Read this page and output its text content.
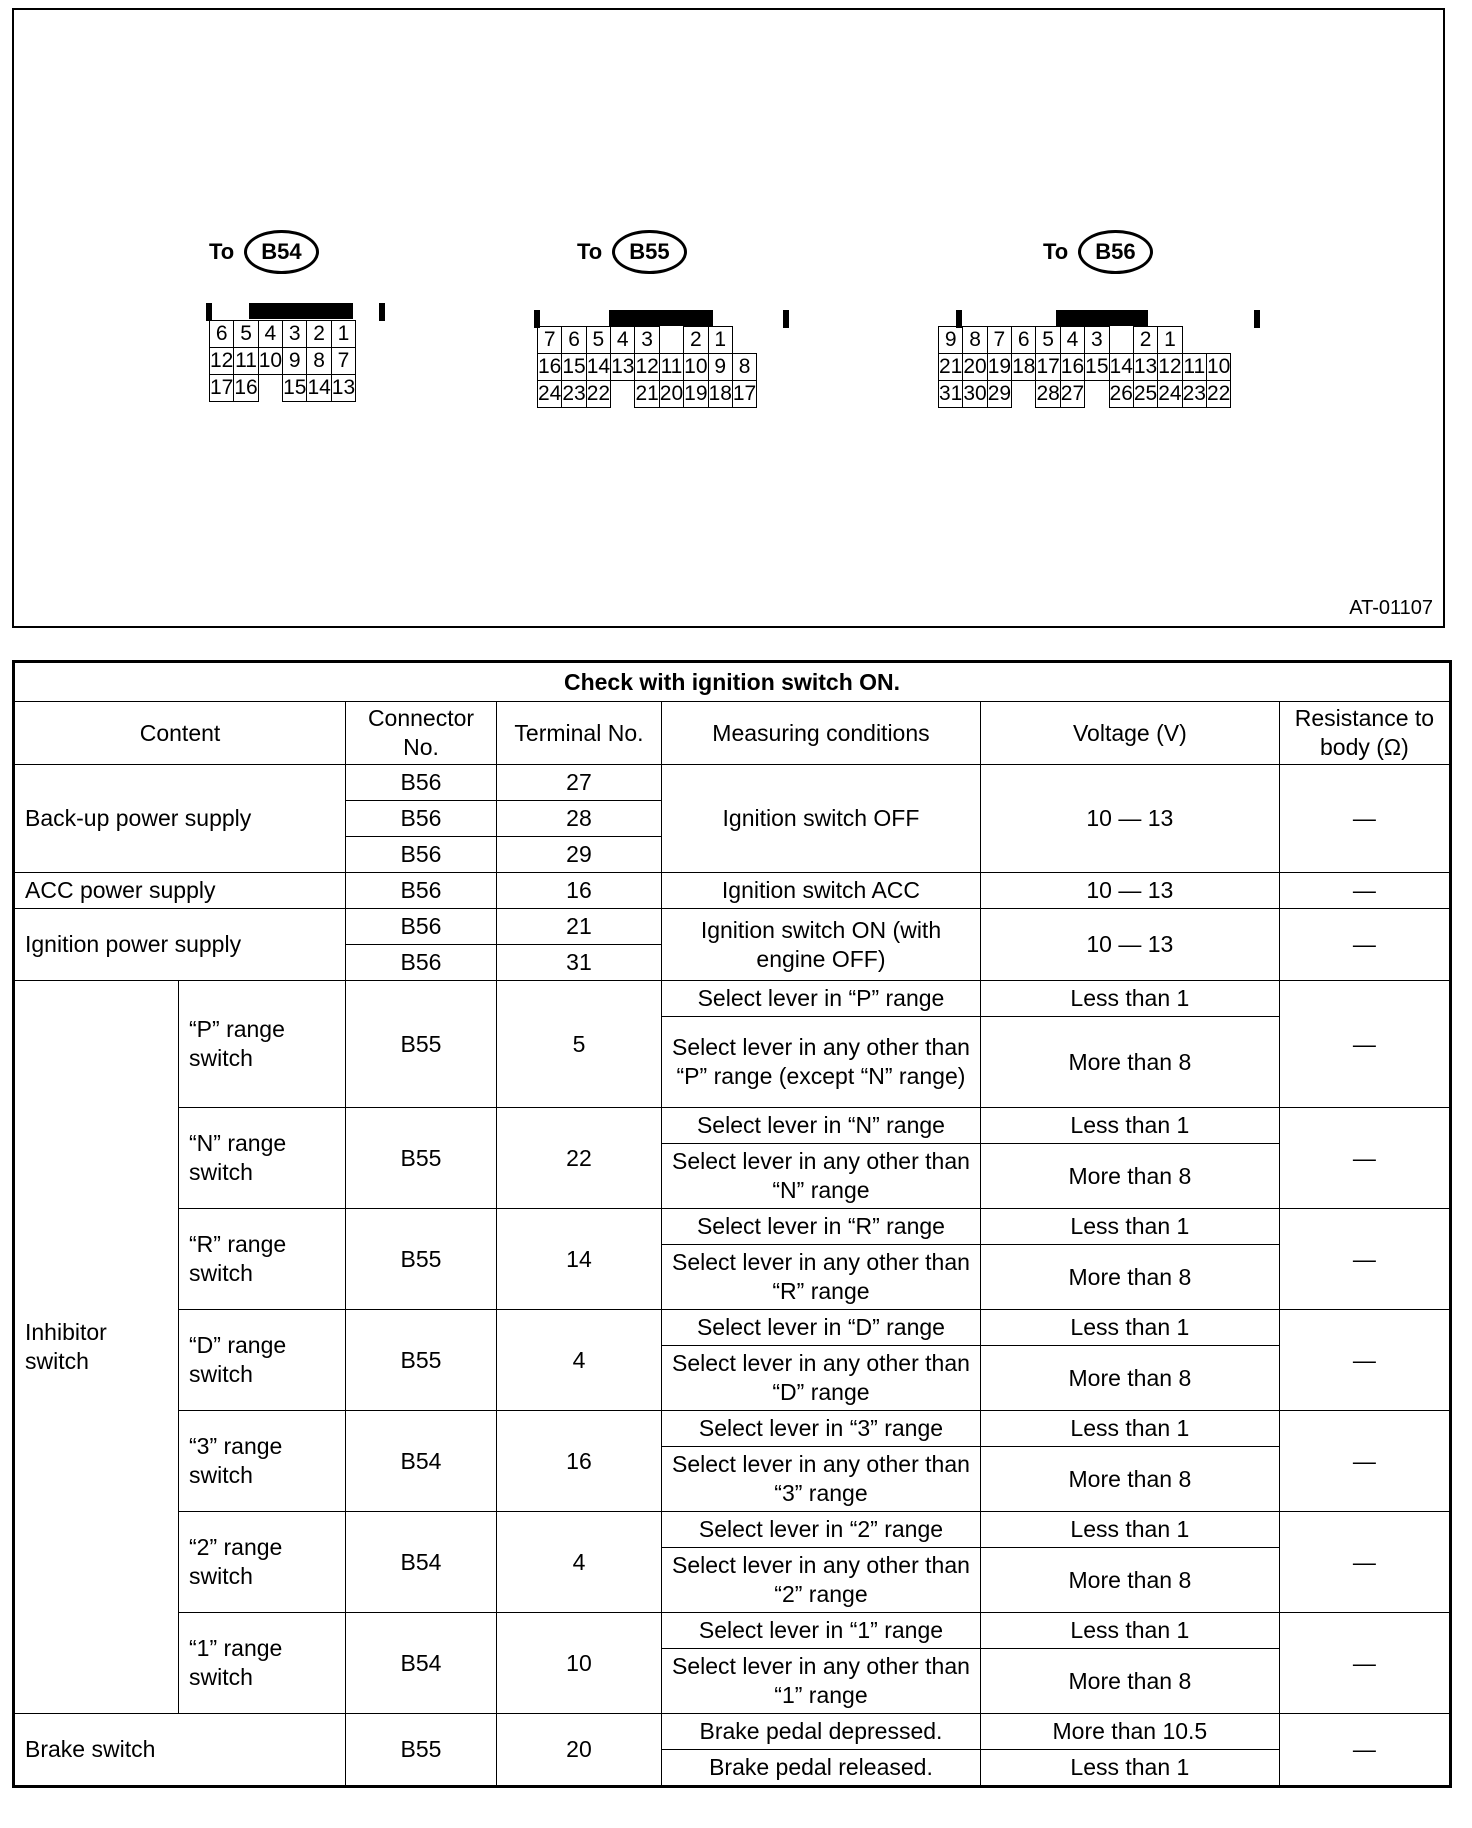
To	B54
6	5	4	3	2	1
12	11	10	9	8	7
17	16		15	14	13
To	B55
7	6	5	4	3		2	1	
16	15	14	13	12	11	10	9	8
24	23	22		21	20	19	18	17
To	B56
9	8	7	6	5	4	3		2	1		
21	20	19	18	17	16	15	14	13	12	11	10
31	30	29		28	27		26	25	24	23	22
AT-01107
Check with ignition switch ON.						
Content		Connector No.	Terminal No.	Measuring conditions	Voltage (V)	Resistance to body (Ω)
Back-up power supply		B56	27	Ignition switch OFF	10 — 13	—
		B56	28			
		B56	29			
ACC power supply		B56	16	Ignition switch ACC	10 — 13	—
Ignition power supply		B56	21	Ignition switch ON (with engine OFF)	10 — 13	—
		B56	31			
Inhibitor switch	“P” range switch	B55	5	Select lever in “P” range	Less than 1	—
				Select lever in any other than “P” range (except “N” range)	More than 8	
	“N” range switch	B55	22	Select lever in “N” range	Less than 1	—
				Select lever in any other than “N” range	More than 8	
	“R” range switch	B55	14	Select lever in “R” range	Less than 1	—
				Select lever in any other than “R” range	More than 8	
	“D” range switch	B55	4	Select lever in “D” range	Less than 1	—
				Select lever in any other than “D” range	More than 8	
	“3” range switch	B54	16	Select lever in “3” range	Less than 1	—
				Select lever in any other than “3” range	More than 8	
	“2” range switch	B54	4	Select lever in “2” range	Less than 1	—
				Select lever in any other than “2” range	More than 8	
	“1” range switch	B54	10	Select lever in “1” range	Less than 1	—
				Select lever in any other than “1” range	More than 8	
Brake switch		B55	20	Brake pedal depressed.	More than 10.5	—
				Brake pedal released.	Less than 1	
